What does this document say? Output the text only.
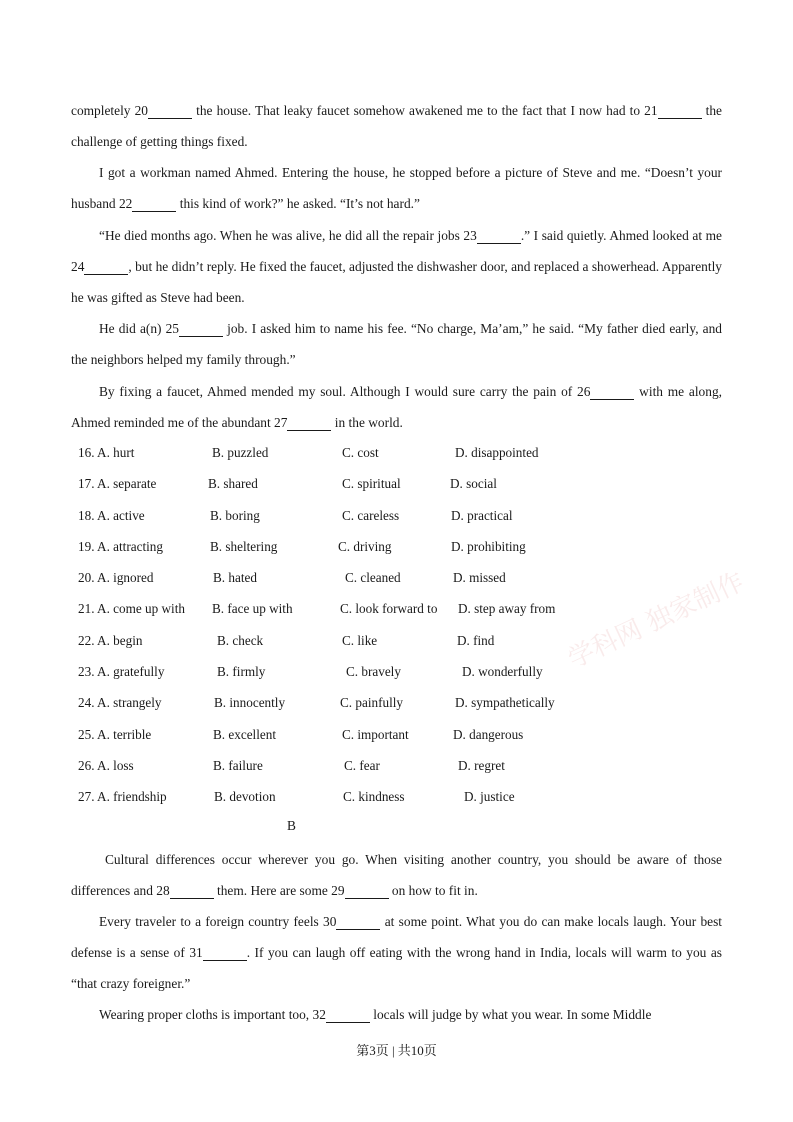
completely 20	the house. That leaky faucet somehow awakened me to the fact that I now had to 21	the challenge of getting things fixed.

I got a workman named Ahmed. Entering the house, he stopped before a picture of Steve and me. “Doesn’t your husband 22	this kind of work?” he asked. “It’s not hard.”

“He died months ago. When he was alive, he did all the repair jobs 23	.” I said quietly. Ahmed looked at me 24	, but he didn’t reply. He fixed the faucet, adjusted the dishwasher door, and replaced a showerhead. Apparently he was gifted as Steve had been.

He did a(n) 25	job. I asked him to name his fee. “No charge, Ma’am,” he said. “My father died early, and the neighbors helped my family through.”

By fixing a faucet, Ahmed mended my soul. Although I would sure carry the pain of 26	with me along, Ahmed reminded me of the abundant 27	in the world.

16. A. hurt	B. puzzled	C. cost	D. disappointed
17. A. separate	B. shared	C. spiritual	D. social
18. A. active	B. boring	C. careless	D. practical
19. A. attracting	B. sheltering	C. driving	D. prohibiting
20. A. ignored	B. hated	C. cleaned	D. missed
21. A. come up with B. face up with	C. look forward to D. step away from
22. A. begin	B. check	C. like	D. find
23. A. gratefully	B. firmly	C. bravely	D. wonderfully
24. A. strangely	B. innocently	C. painfully	D. sympathetically
25. A. terrible	B. excellent	C. important	D. dangerous
26. A. loss	B. failure	C. fear	D. regret
27. A. friendship	B. devotion	C. kindness	D. justice
B

Cultural differences occur wherever you go. When visiting another country, you should be aware of those differences and 28	them. Here are some 29	on how to fit in.

Every traveler to a foreign country feels 30	at some point. What you do can make locals laugh. Your best defense is a sense of 31	. If you can laugh off eating with the wrong hand in India, locals will warm to you as “that crazy foreigner.”

Wearing proper cloths is important too, 32	locals will judge by what you wear. In some Middle

学科网 独家制作
第3页 | 共10页
